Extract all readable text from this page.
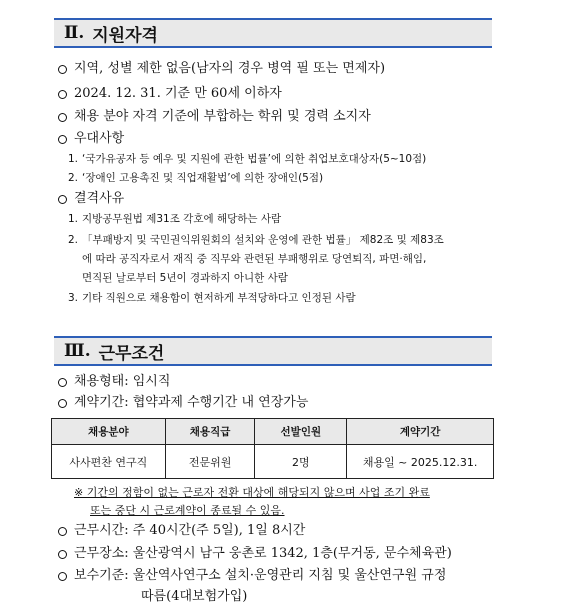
Ⅱ. 지원자격
지역, 성별 제한 없음(남자의 경우 병역 필 또는 면제자)
2024. 12. 31. 기준 만 60세 이하자
채용 분야 자격 기준에 부합하는 학위 및 경력 소지자
우대사항
1. ‘국가유공자 등 예우 및 지원에 관한 법률’에 의한 취업보호대상자(5~10점)
2. ‘장애인 고용촉진 및 직업재활법’에 의한 장애인(5점)
결격사유
1. 지방공무원법 제31조 각호에 해당하는 사람
2. 「부패방지 및 국민권익위원회의 설치와 운영에 관한 법률」 제82조 및 제83조
에 따라 공직자로서 재직 중 직무와 관련된 부패행위로 당연퇴직, 파면·해임,
면직된 날로부터 5년이 경과하지 아니한 사람
3. 기타 직원으로 채용함이 현저하게 부적당하다고 인정된 사람
Ⅲ. 근무조건
채용형태: 임시직
계약기간: 협약과제 수행기간 내 연장가능
채용분야	채용직급	선발인원	계약기간
사사편찬 연구직	전문위원	2명	채용일 ~ 2025.12.31.
※ 기간의 정함이 없는 근로자 전환 대상에 해당되지 않으며 사업 조기 완료
또는 중단 시 근로계약이 종료될 수 있음.
근무시간: 주 40시간(주 5일), 1일 8시간
근무장소: 울산광역시 남구 웅촌로 1342, 1층(무거동, 문수체육관)
보수기준: 울산역사연구소 설치·운영관리 지침 및 울산연구원 규정
따름(4대보험가입)
